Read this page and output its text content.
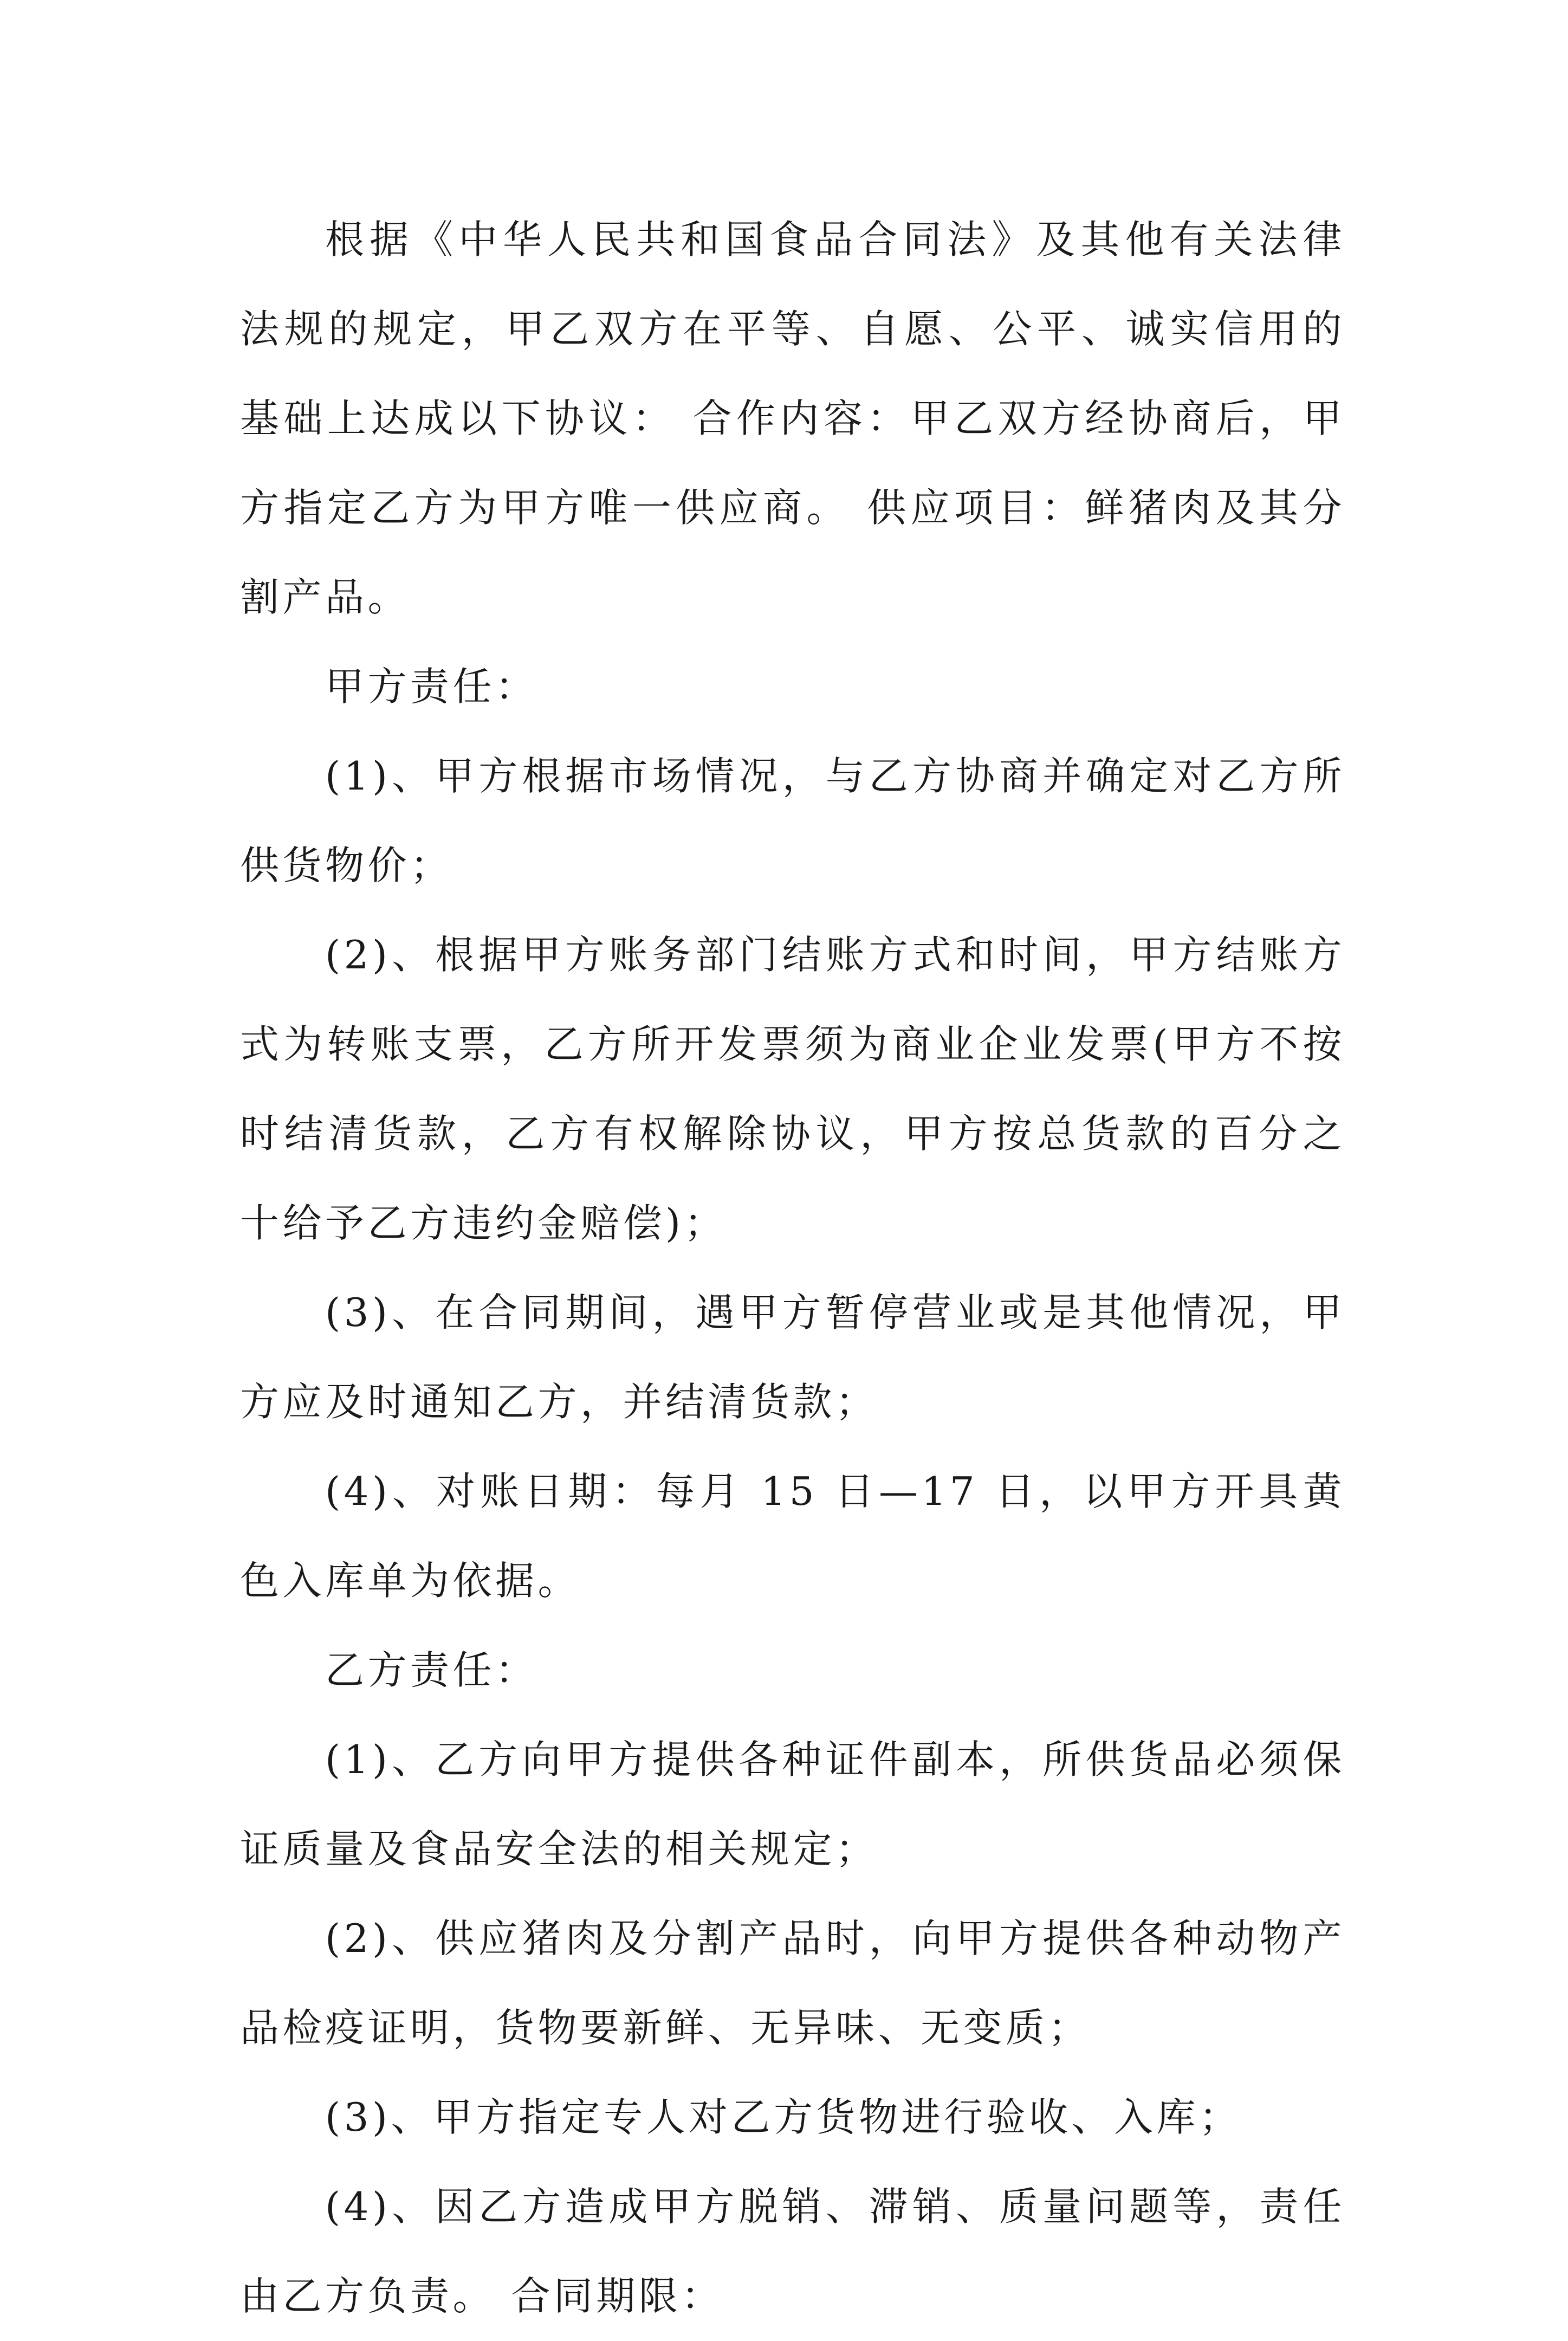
根据《中华人民共和国食品合同法》及其他有关法律法规的规定，甲乙双方在平等、自愿、公平、诚实信用的基础上达成以下协议： 合作内容：甲乙双方经协商后，甲方指定乙方为甲方唯一供应商。 供应项目：鲜猪肉及其分割产品。

甲方责任：

(1)、甲方根据市场情况，与乙方协商并确定对乙方所供货物价；

(2)、根据甲方账务部门结账方式和时间，甲方结账方式为转账支票，乙方所开发票须为商业企业发票(甲方不按时结清货款，乙方有权解除协议，甲方按总货款的百分之十给予乙方违约金赔偿)；

(3)、在合同期间，遇甲方暂停营业或是其他情况，甲方应及时通知乙方，并结清货款；

(4)、对账日期：每月 15 日—17 日，以甲方开具黄色入库单为依据。

乙方责任：

(1)、乙方向甲方提供各种证件副本，所供货品必须保证质量及食品安全法的相关规定；

(2)、供应猪肉及分割产品时，向甲方提供各种动物产品检疫证明，货物要新鲜、无异味、无变质；

(3)、甲方指定专人对乙方货物进行验收、入库；

(4)、因乙方造成甲方脱销、滞销、质量问题等，责任由乙方负责。 合同期限：
